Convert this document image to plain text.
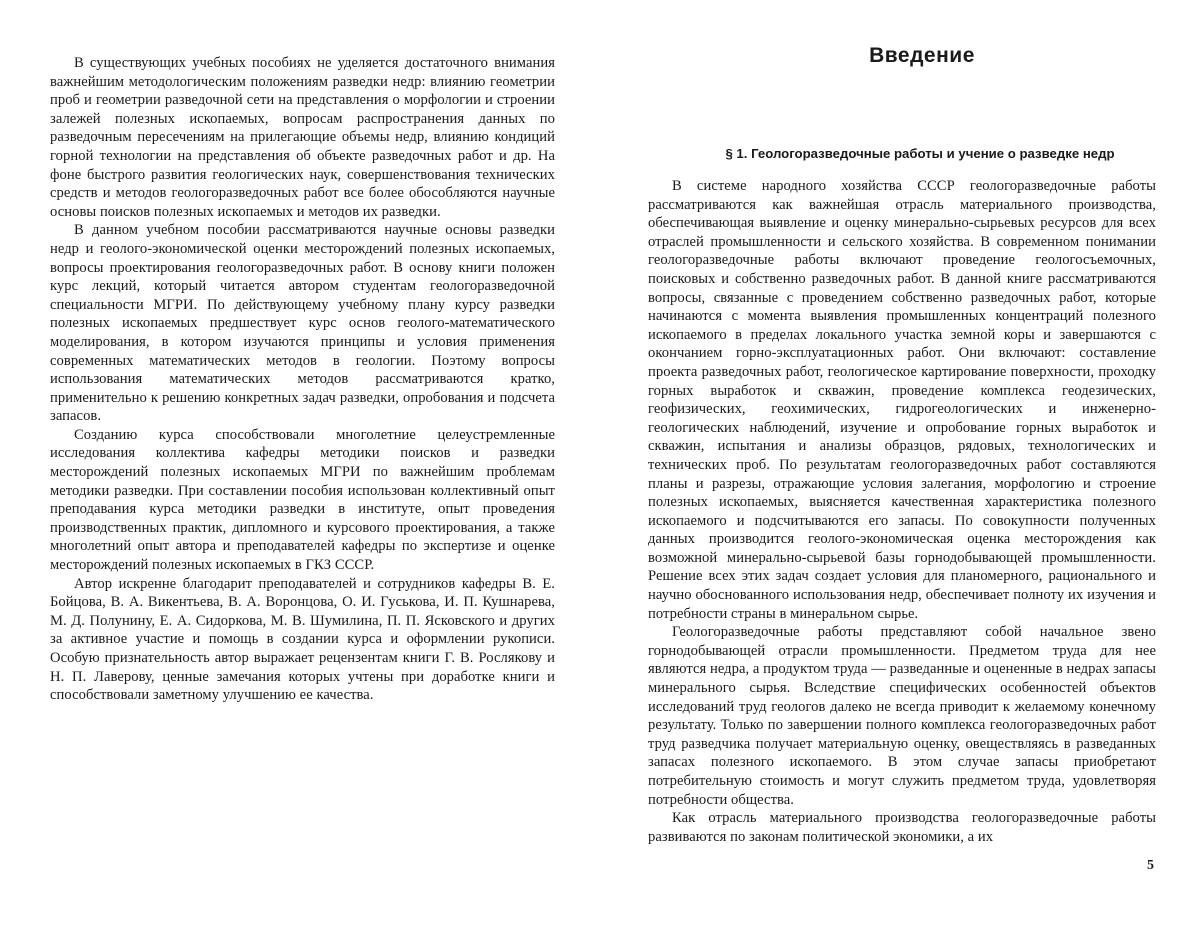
В существующих учебных пособиях не уделяется достаточного внимания важнейшим методологическим положениям разведки недр: влиянию геометрии проб и геометрии разведочной сети на представления о морфологии и строении залежей полезных ископаемых, вопросам распространения данных по разведочным пересечениям на прилегающие объемы недр, влиянию кондиций горной технологии на представления об объекте разведочных работ и др. На фоне быстрого развития геологических наук, совершенствования технических средств и методов геологоразведочных работ все более обособляются научные основы поисков полезных ископаемых и методов их разведки.

В данном учебном пособии рассматриваются научные основы разведки недр и геолого-экономической оценки месторождений полезных ископаемых, вопросы проектирования геологоразведочных работ. В основу книги положен курс лекций, который читается автором студентам геологоразведочной специальности МГРИ. По действующему учебному плану курсу разведки полезных ископаемых предшествует курс основ геолого-математического моделирования, в котором изучаются принципы и условия применения современных математических методов в геологии. Поэтому вопросы использования математических методов рассматриваются кратко, применительно к решению конкретных задач разведки, опробования и подсчета запасов.

Созданию курса способствовали многолетние целеустремленные исследования коллектива кафедры методики поисков и разведки месторождений полезных ископаемых МГРИ по важнейшим проблемам методики разведки. При составлении пособия использован коллективный опыт преподавания курса методики разведки в институте, опыт проведения производственных практик, дипломного и курсового проектирования, а также многолетний опыт автора и преподавателей кафедры по экспертизе и оценке месторождений полезных ископаемых в ГКЗ СССР.

Автор искренне благодарит преподавателей и сотрудников кафедры В. Е. Бойцова, В. А. Викентьева, В. А. Воронцова, О. И. Гуськова, И. П. Кушнарева, М. Д. Полунину, Е. А. Сидоркова, М. В. Шумилина, П. П. Ясковского и других за активное участие и помощь в создании курса и оформлении рукописи. Особую признательность автор выражает рецензентам книги Г. В. Рослякову и Н. П. Лаверову, ценные замечания которых учтены при доработке книги и способствовали заметному улучшению ее качества.

Введение
§ 1. Геологоразведочные работы и учение о разведке недр

В системе народного хозяйства СССР геологоразведочные работы рассматриваются как важнейшая отрасль материального производства, обеспечивающая выявление и оценку минерально-сырьевых ресурсов для всех отраслей промышленности и сельского хозяйства. В современном понимании геологоразведочные работы включают проведение геологосъемочных, поисковых и собственно разведочных работ. В данной книге рассматриваются вопросы, связанные с проведением собственно разведочных работ, которые начинаются с момента выявления промышленных концентраций полезного ископаемого в пределах локального участка земной коры и завершаются с окончанием горно-эксплуатационных работ. Они включают: составление проекта разведочных работ, геологическое картирование поверхности, проходку горных выработок и скважин, проведение комплекса геодезических, геофизических, геохимических, гидрогеологических и инженерно-геологических наблюдений, изучение и опробование горных выработок и скважин, испытания и анализы образцов, рядовых, технологических и технических проб. По результатам геологоразведочных работ составляются планы и разрезы, отражающие условия залегания, морфологию и строение полезных ископаемых, выясняется качественная характеристика полезного ископаемого и подсчитываются его запасы. По совокупности полученных данных производится геолого-экономическая оценка месторождения как возможной минерально-сырьевой базы горнодобывающей промышленности. Решение всех этих задач создает условия для планомерного, рационального и научно обоснованного использования недр, обеспечивает полноту их изучения и потребности страны в минеральном сырье.

Геологоразведочные работы представляют собой начальное звено горнодобывающей отрасли промышленности. Предметом труда для нее являются недра, а продуктом труда — разведанные и оцененные в недрах запасы минерального сырья. Вследствие специфических особенностей объектов исследований труд геологов далеко не всегда приводит к желаемому конечному результату. Только по завершении полного комплекса геологоразведочных работ труд разведчика получает материальную оценку, овеществляясь в разведанных запасах полезного ископаемого. В этом случае запасы приобретают потребительную стоимость и могут служить предметом труда, удовлетворяя потребности общества.

Как отрасль материального производства геологоразведочные работы развиваются по законам политической экономики, а их

5
